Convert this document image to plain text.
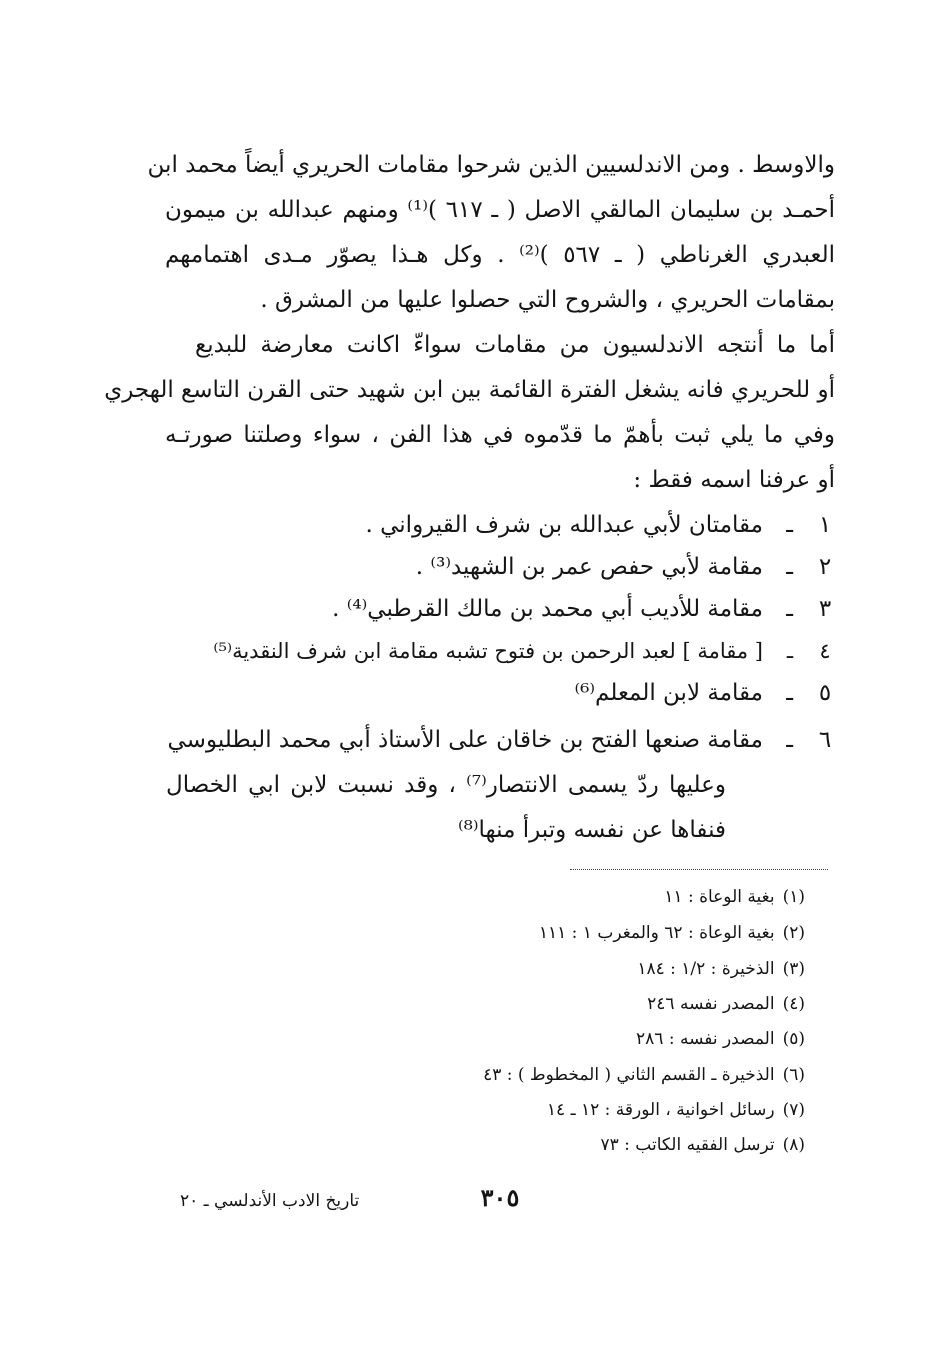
والاوسط . ومن الاندلسيين الذين شرحوا مقامات الحريري أيضاً محمد ابن
أحمـد بن سليمان المالقي الاصل ( ـ ٦١٧ )⁽¹⁾ ومنهم عبدالله بن ميمون
العبدري الغرناطي ( ـ ٥٦٧ )⁽²⁾ . وكل هـذا يصوّر مـدى اهتمامهم
بمقامات الحريري ، والشروح التي حصلوا عليها من المشرق .
أما ما أنتجه الاندلسيون من مقامات سواءّ اكانت معارضة للبديع
أو للحريري فانه يشغل الفترة القائمة بين ابن شهيد حتى القرن التاسع الهجري
وفي ما يلي ثبت بأهمّ ما قدّموه في هذا الفن ، سواء وصلتنا صورتـه
أو عرفنا اسمه فقط :
١
ـ
مقامتان لأبي عبدالله بن شرف القيرواني .
٢
ـ
مقامة لأبي حفص عمر بن الشهيد⁽³⁾ .
٣
ـ
مقامة للأديب أبي محمد بن مالك القرطبي⁽⁴⁾ .
٤
ـ
[ مقامة ] لعبد الرحمن بن فتوح تشبه مقامة ابن شرف النقدية⁽⁵⁾
٥
ـ
مقامة لابن المعلم⁽⁶⁾
٦
ـ
مقامة صنعها الفتح بن خاقان على الأستاذ أبي محمد البطليوسي
وعليها ردّ يسمى الانتصار⁽⁷⁾ ، وقد نسبت لابن ابي الخصال
فنفاها عن نفسه وتبرأ منها⁽⁸⁾
(١)بغية الوعاة : ١١
(٢)بغية الوعاة : ٦٢ والمغرب ١ : ١١١
(٣)الذخيرة : ١/٢ : ١٨٤
(٤)المصدر نفسه ٢٤٦
(٥)المصدر نفسه : ٢٨٦
(٦)الذخيرة ـ القسم الثاني ( المخطوط ) : ٤٣
(٧)رسائل اخوانية ، الورقة : ١٢ ـ ١٤
(٨)ترسل الفقيه الكاتب : ٧٣
٣٠٥
تاريخ الادب الأندلسي ـ ٢٠
